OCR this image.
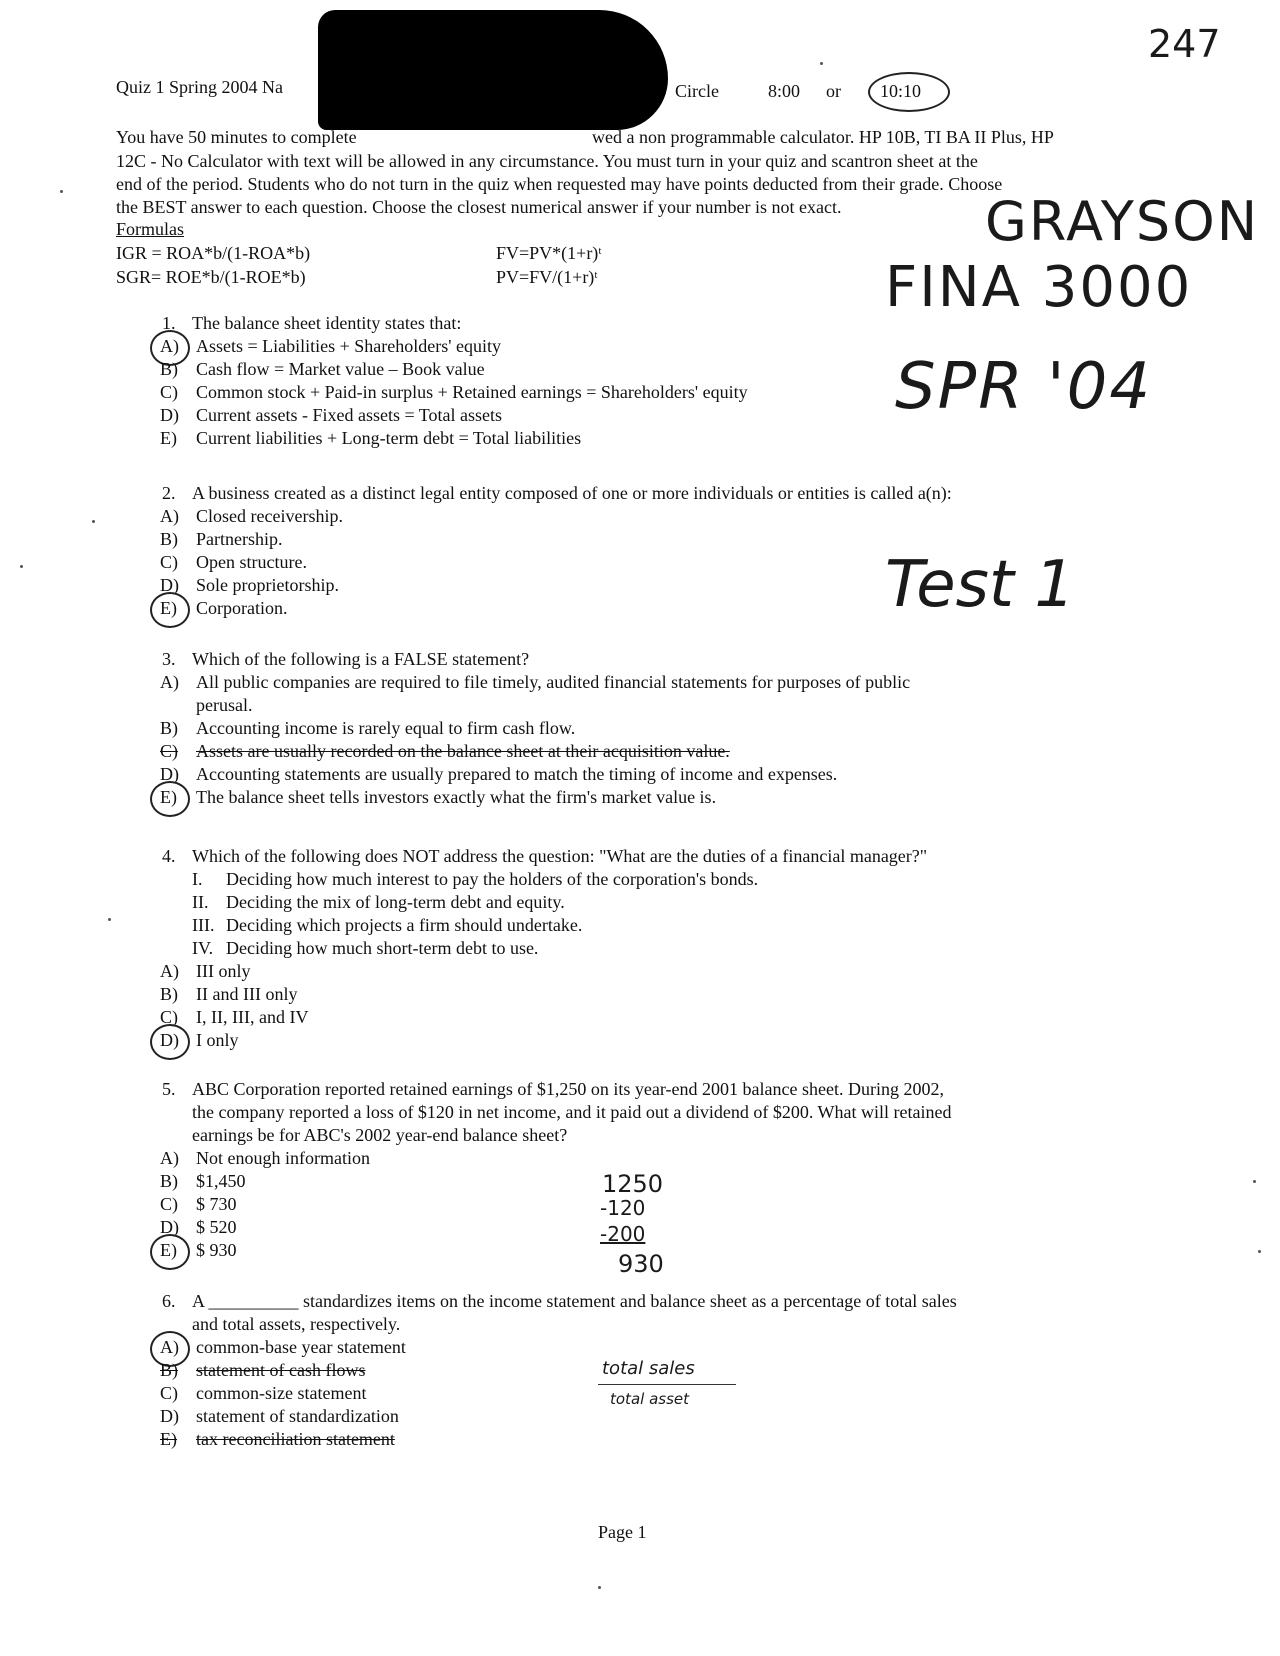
Quiz 1 Spring 2004 Na	Circle	8:00 or 10:10
247
You have 50 minutes to complete	wed a non programmable calculator. HP 10B, TI BA II Plus, HP
12C - No Calculator with text will be allowed in any circumstance. You must turn in your quiz and scantron sheet at the
end of the period. Students who do not turn in the quiz when requested may have points deducted from their grade. Choose
the BEST answer to each question. Choose the closest numerical answer if your number is not exact.
Formulas
IGR = ROA*b/(1-ROA*b)
SGR= ROE*b/(1-ROE*b)
FV=PV*(1+r)ᵗ
PV=FV/(1+r)ᵗ
GRAYSON
FINA 3000
SPR '04
Test 1
1. The balance sheet identity states that:
A) Assets = Liabilities + Shareholders' equity
B) Cash flow = Market value – Book value
C) Common stock + Paid-in surplus + Retained earnings = Shareholders' equity
D) Current assets - Fixed assets = Total assets
E) Current liabilities + Long-term debt = Total liabilities
2. A business created as a distinct legal entity composed of one or more individuals or entities is called a(n):
A) Closed receivership.
B) Partnership.
C) Open structure.
D) Sole proprietorship.
E) Corporation.
3. Which of the following is a FALSE statement?
A) All public companies are required to file timely, audited financial statements for purposes of public
perusal.
B) Accounting income is rarely equal to firm cash flow.
C) Assets are usually recorded on the balance sheet at their acquisition value.
D) Accounting statements are usually prepared to match the timing of income and expenses.
E) The balance sheet tells investors exactly what the firm's market value is.
4. Which of the following does NOT address the question: "What are the duties of a financial manager?"
I. Deciding how much interest to pay the holders of the corporation's bonds.
II. Deciding the mix of long-term debt and equity.
III. Deciding which projects a firm should undertake.
IV. Deciding how much short-term debt to use.
A) III only
B) II and III only
C) I, II, III, and IV
D) I only
5. ABC Corporation reported retained earnings of $1,250 on its year-end 2001 balance sheet. During 2002,
the company reported a loss of $120 in net income, and it paid out a dividend of $200. What will retained
earnings be for ABC's 2002 year-end balance sheet?
A) Not enough information
B) $1,450
C) $ 730
D) $ 520
E) $ 930
6. A __________ standardizes items on the income statement and balance sheet as a percentage of total sales
and total assets, respectively.
A) common-base year statement
B) statement of cash flows
C) common-size statement
D) statement of standardization
E) tax reconciliation statement
1250
-120
-200
930
total sales
total asset
Page 1
